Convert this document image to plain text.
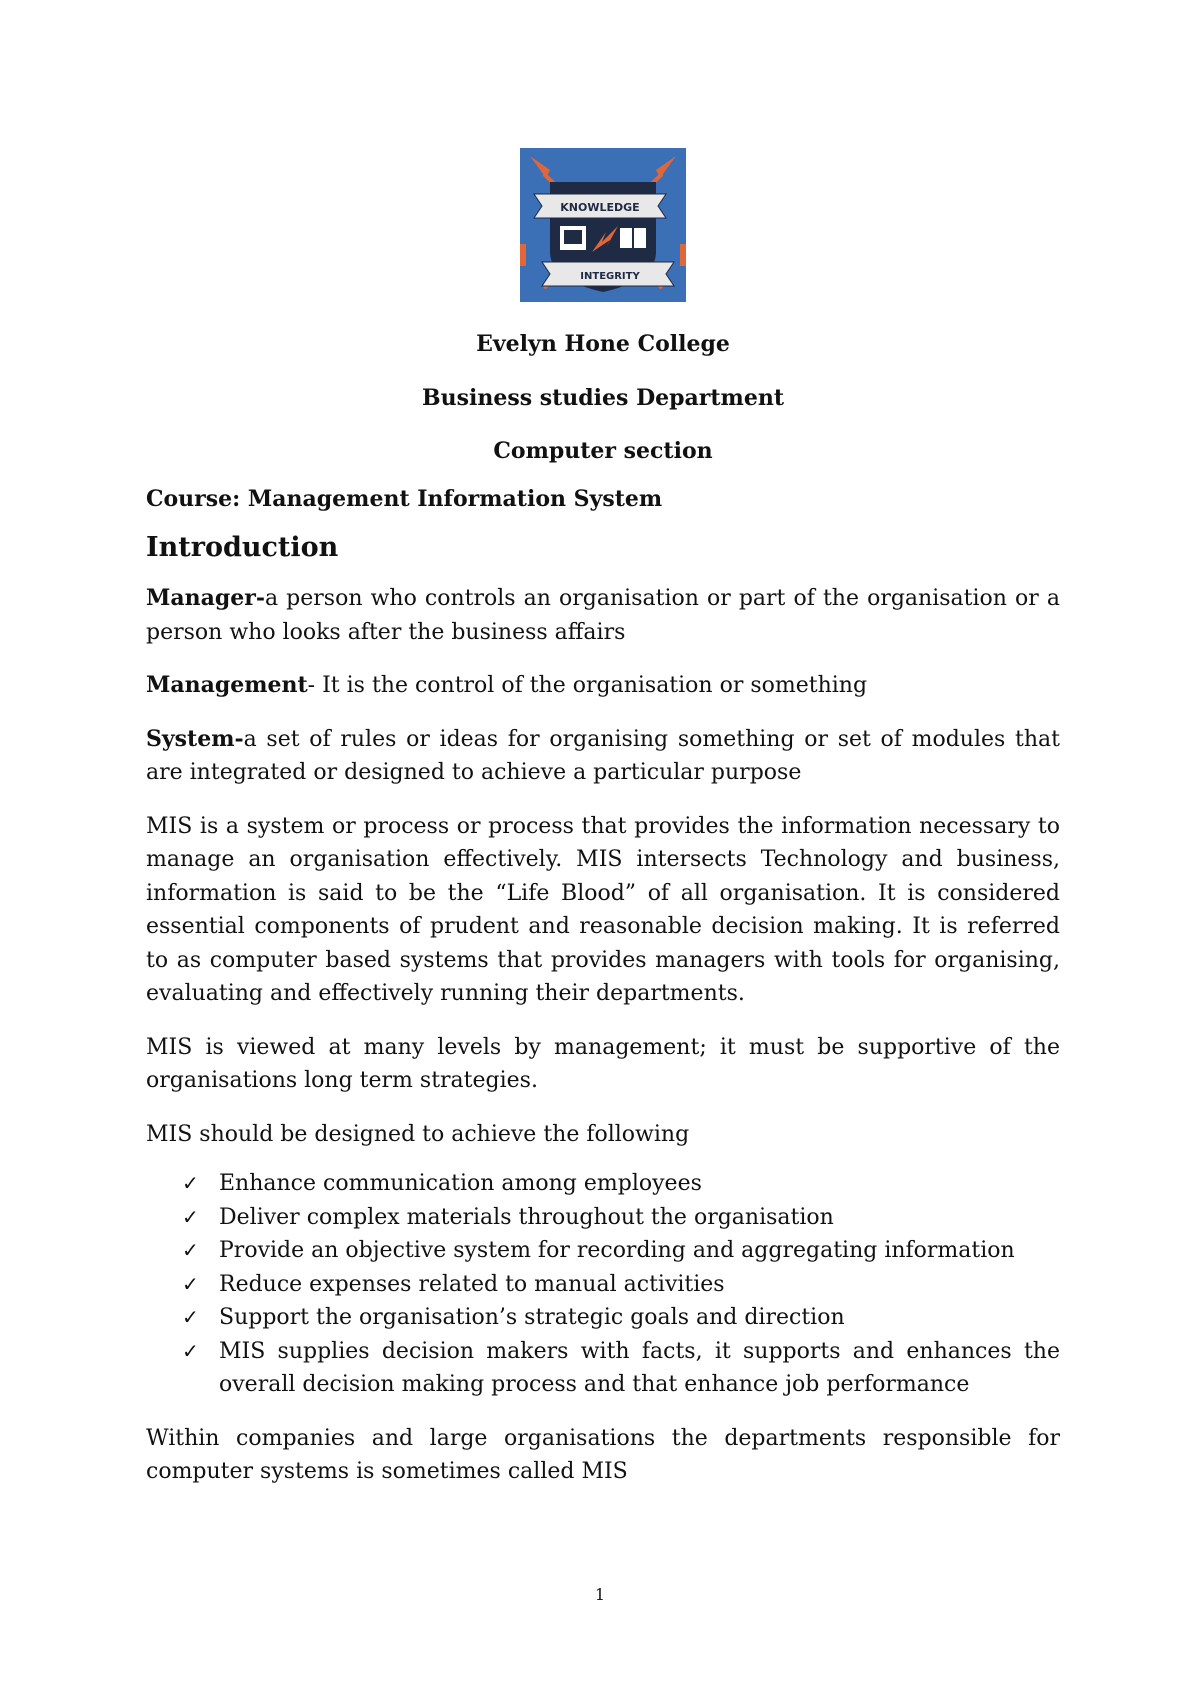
KNOWLEDGE
INTEGRITY

Evelyn Hone College

Business studies Department

Computer section

Course: Management Information System

Introduction

Manager-a person who controls an organisation or part of the organisation or a person who looks after the business affairs

Management- It is the control of the organisation or something

System-a set of rules or ideas for organising something or set of modules that are integrated or designed to achieve a particular purpose

MIS is a system or process or process that provides the information necessary to manage an organisation effectively. MIS intersects Technology and business, information is said to be the “Life Blood” of all organisation. It is considered essential components of prudent and reasonable decision making. It is referred to as computer based systems that provides managers with tools for organising, evaluating and effectively running their departments.

MIS is viewed at many levels by management; it must be supportive of the organisations long term strategies.

MIS should be designed to achieve the following

✓ Enhance communication among employees
✓ Deliver complex materials throughout the organisation
✓ Provide an objective system for recording and aggregating information
✓ Reduce expenses related to manual activities
✓ Support the organisation’s strategic goals and direction
✓ MIS supplies decision makers with facts, it supports and enhances the overall decision making process and that enhance job performance

Within companies and large organisations the departments responsible for computer systems is sometimes called MIS

1
